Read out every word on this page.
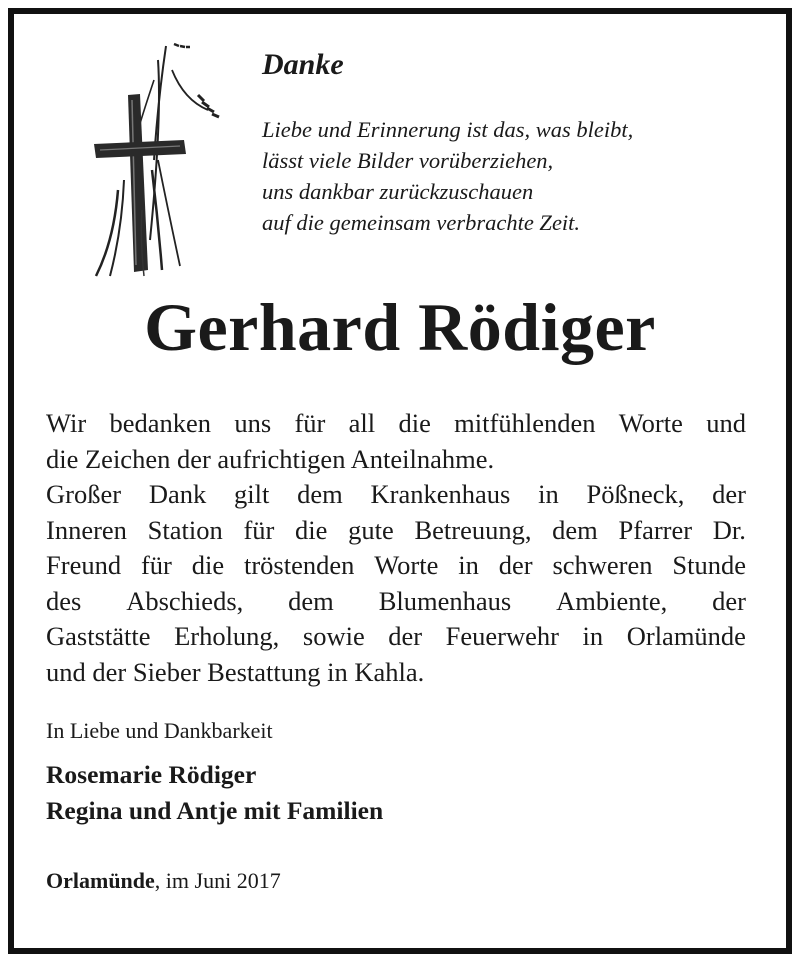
Danke
Liebe und Erinnerung ist das, was bleibt,
lässt viele Bilder vorüberziehen,
uns dankbar zurückzuschauen
auf die gemeinsam verbrachte Zeit.
Gerhard Rödiger
Wir bedanken uns für all die mitfühlenden Worte und
die Zeichen der aufrichtigen Anteilnahme.
Großer Dank gilt dem Krankenhaus in Pößneck, der
Inneren Station für die gute Betreuung, dem Pfarrer Dr.
Freund für die tröstenden Worte in der schweren Stunde
des Abschieds, dem Blumenhaus Ambiente, der
Gaststätte Erholung, sowie der Feuerwehr in Orlamünde
und der Sieber Bestattung in Kahla.

In Liebe und Dankbarkeit

Rosemarie Rödiger

Regina und Antje mit Familien

Orlamünde, im Juni 2017
